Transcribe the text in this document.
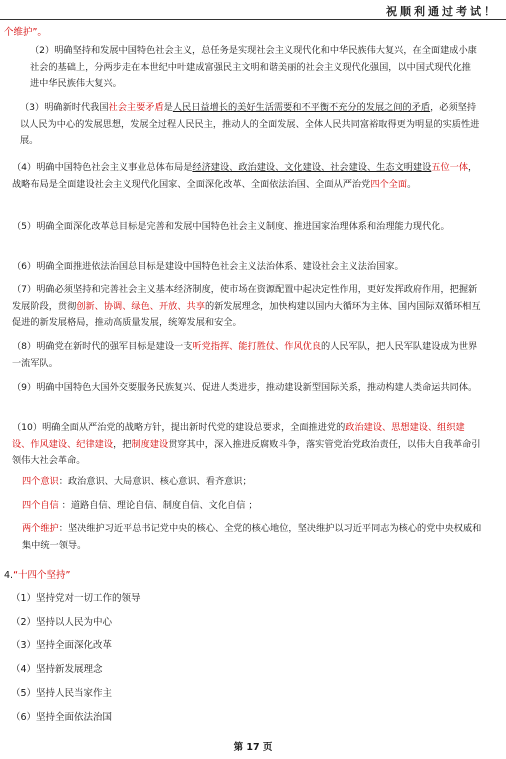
祝顺利通过考试！
个维护”。

（2）明确坚持和发展中国特色社会主义，总任务是实现社会主义现代化和中华民族伟大复兴，在全面建成小康社会的基础上，分两步走在本世纪中叶建成富强民主文明和谐美丽的社会主义现代化强国，以中国式现代化推进中华民族伟大复兴。

（3）明确新时代我国社会主要矛盾是人民日益增长的美好生活需要和不平衡不充分的发展之间的矛盾，必须坚持以人民为中心的发展思想，发展全过程人民民主，推动人的全面发展、全体人民共同富裕取得更为明显的实质性进展。

（4）明确中国特色社会主义事业总体布局是经济建设、政治建设、文化建设、社会建设、生态文明建设五位一体，战略布局是全面建设社会主义现代化国家、全面深化改革、全面依法治国、全面从严治党四个全面。

（5）明确全面深化改革总目标是完善和发展中国特色社会主义制度、推进国家治理体系和治理能力现代化。

（6）明确全面推进依法治国总目标是建设中国特色社会主义法治体系、建设社会主义法治国家。

（7）明确必须坚持和完善社会主义基本经济制度，使市场在资源配置中起决定性作用，更好发挥政府作用，把握新发展阶段，贯彻创新、协调、绿色、开放、共享的新发展理念，加快构建以国内大循环为主体、国内国际双循环相互促进的新发展格局，推动高质量发展，统筹发展和安全。

（8）明确党在新时代的强军目标是建设一支听党指挥、能打胜仗、作风优良的人民军队，把人民军队建设成为世界一流军队。

（9）明确中国特色大国外交要服务民族复兴、促进人类进步，推动建设新型国际关系，推动构建人类命运共同体。

（10）明确全面从严治党的战略方针，提出新时代党的建设总要求，全面推进党的政治建设、思想建设、组织建设、作风建设、纪律建设，把制度建设贯穿其中，深入推进反腐败斗争，落实管党治党政治责任，以伟大自我革命引领伟大社会革命。

四个意识：政治意识、大局意识、核心意识、看齐意识；

四个自信 ：道路自信、理论自信、制度自信、文化自信 ；

两个维护：坚决维护习近平总书记党中央的核心、全党的核心地位，坚决维护以习近平同志为核心的党中央权威和集中统一领导。

4.“十四个坚持”
（1）坚持党对一切工作的领导
（2）坚持以人民为中心
（3）坚持全面深化改革
（4）坚持新发展理念
（5）坚持人民当家作主
（6）坚持全面依法治国
第 17 页
